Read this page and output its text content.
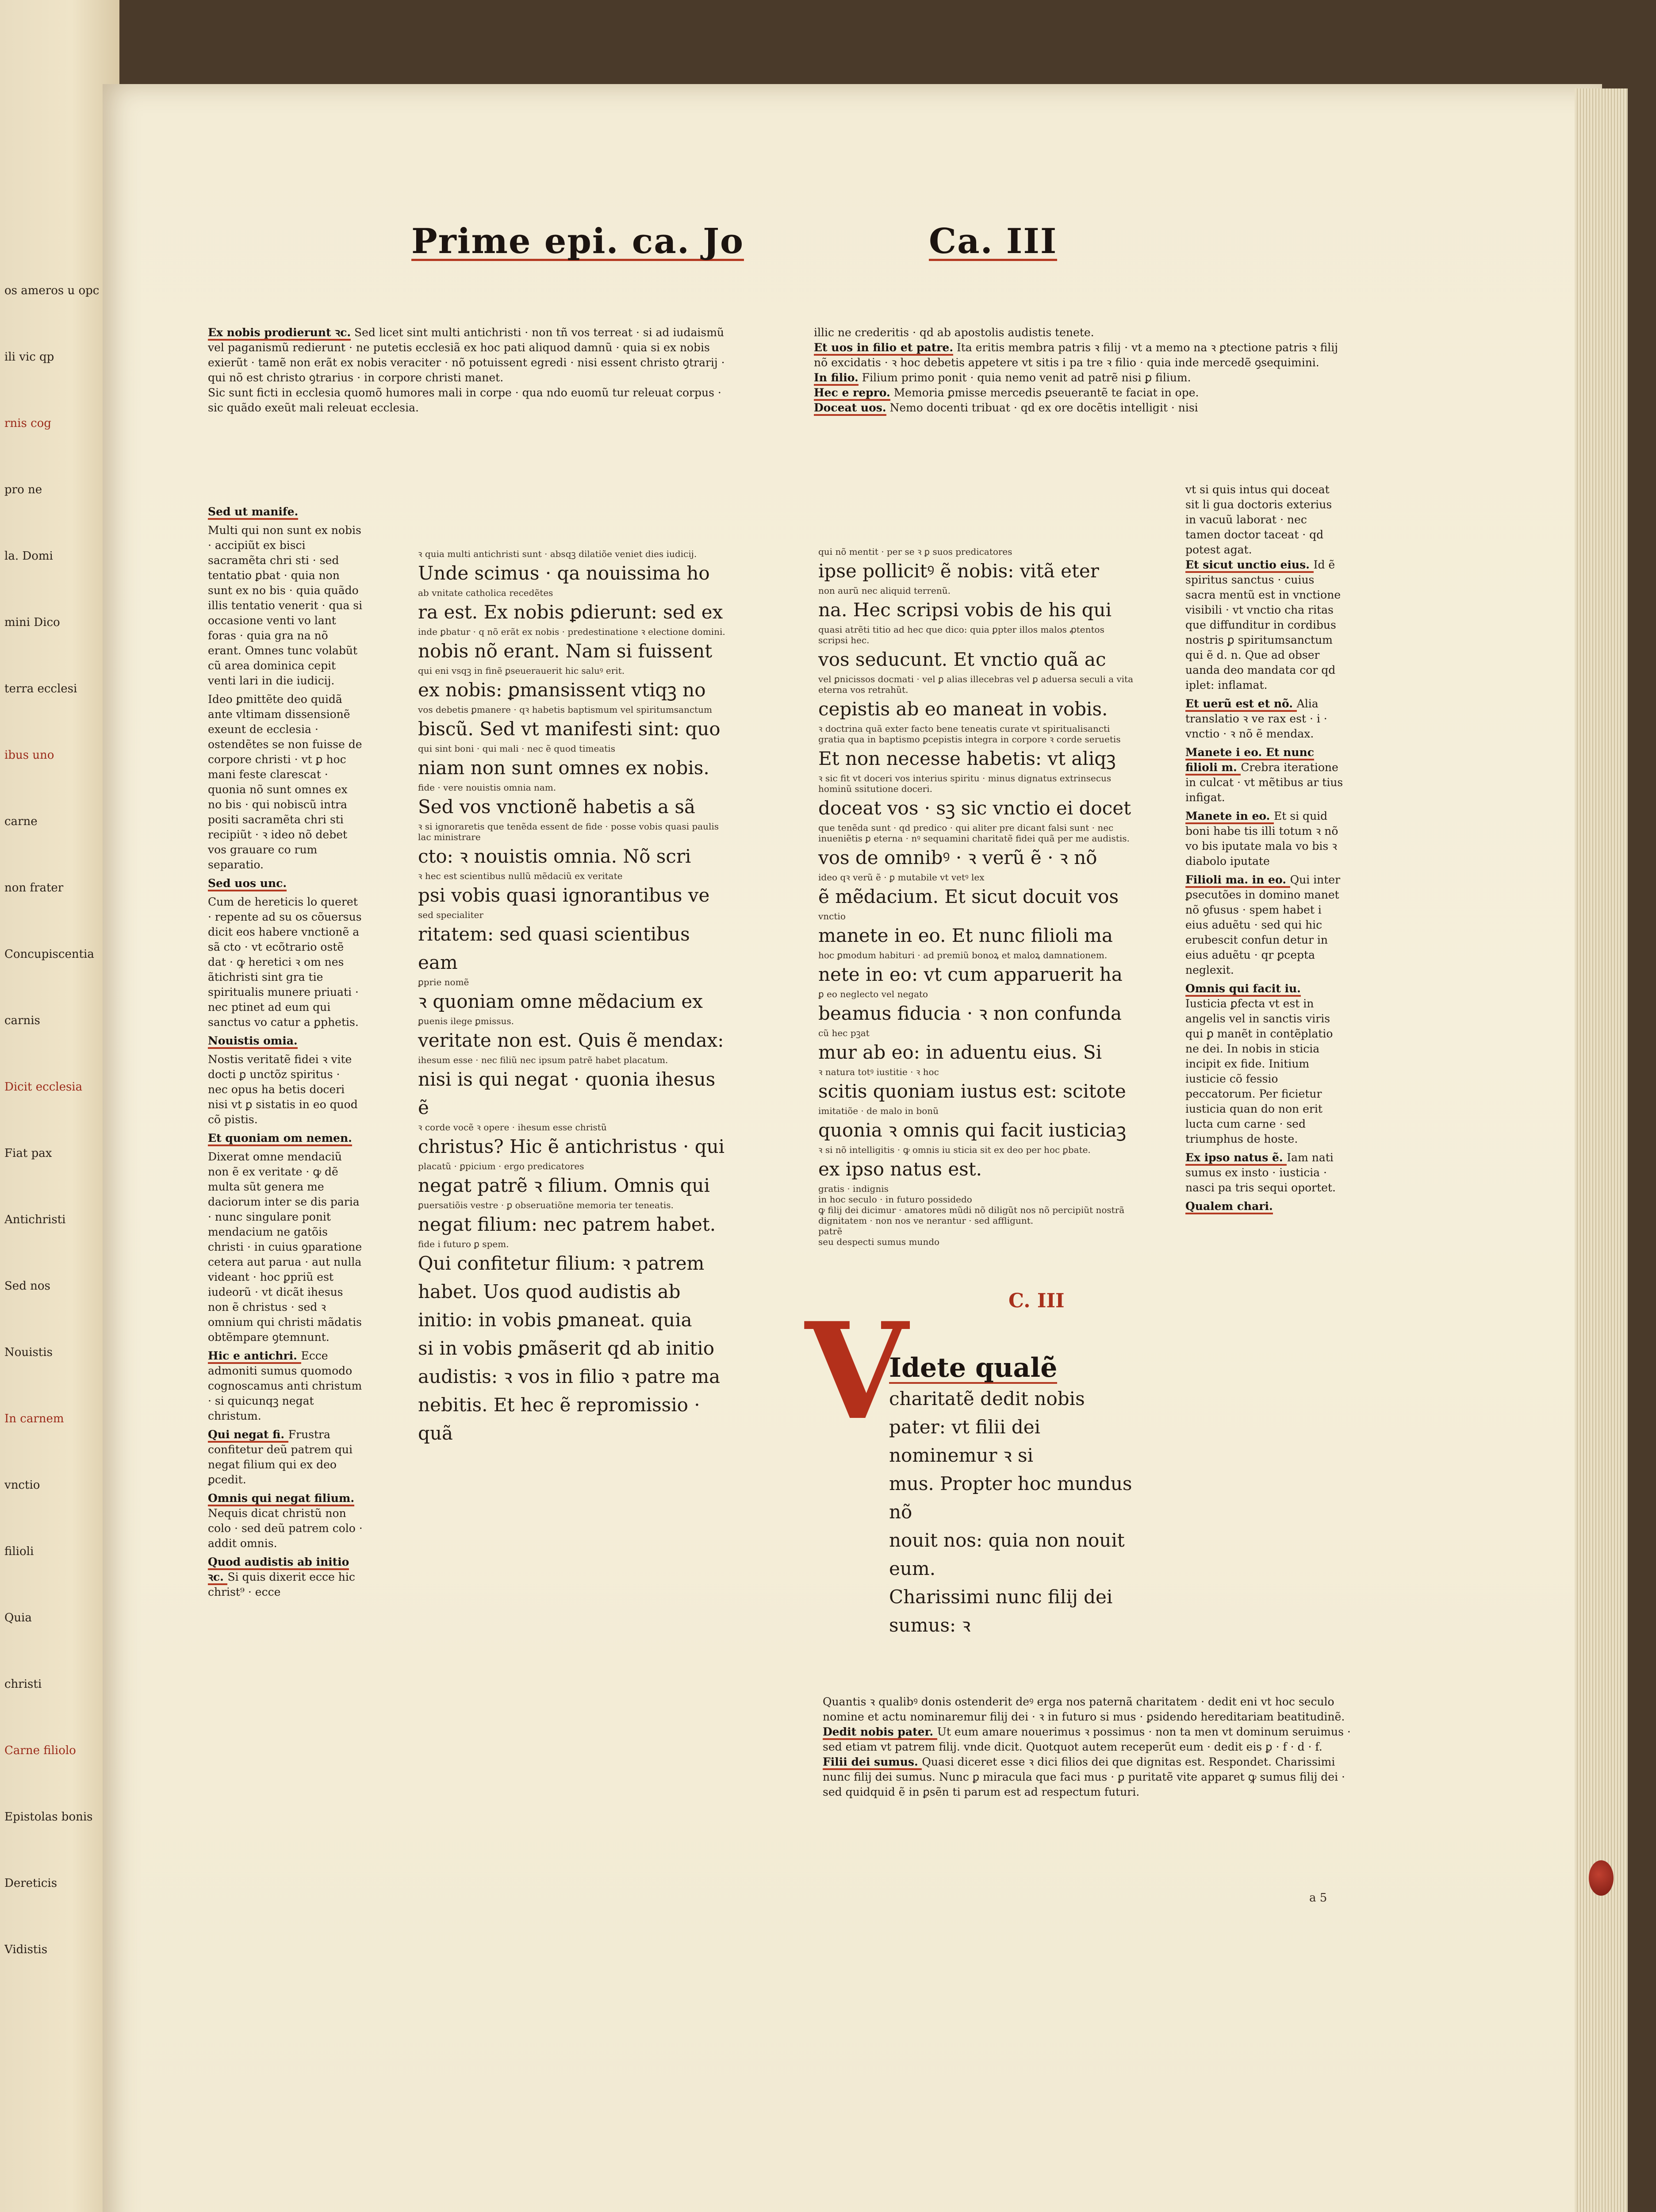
os ameros u opc
ili vic qp
rnis cog
pro ne
la. Domi
mini Dico
terra ecclesi
ibus uno
carne
non frater
Concupiscentia
carnis
Dicit ecclesia
Fiat pax
Antichristi
Sed nos
Nouistis
In carnem
vnctio
filioli
Quia
christi
Carne filiolo
Epistolas bonis
Dereticis
Vidistis
Prime epi. ca. Jo	Ca. III

Ex nobis prodierunt ꝛc. Sed licet sint multi antichristi · non tñ vos terreat · si ad iudaismũ vel paganismũ redierunt · ne putetis ecclesiã ex hoc pati aliquod damnũ · quia si ex nobis exierũt · tamẽ non erãt ex nobis veraciter · nõ potuissent egredi · nisi essent christo ꝯtrarij · qui nõ est christo ꝯtrarius · in corpore christi manet.

Sic sunt ficti in ecclesia quomõ humores mali in corpe · qua ndo euomũ tur releuat corpus · sic quãdo exeũt mali releuat ecclesia.

illic ne crederitis · qd ab apostolis audistis tenete.

Et uos in filio et patre. Ita eritis membra patris ꝛ filij · vt a memo na ꝛ ꝑtectione patris ꝛ filij nõ excidatis · ꝛ hoc debetis appetere vt sitis i pa tre ꝛ filio · quia inde mercedẽ ꝯsequimini.

In filio. Filium primo ponit · quia nemo venit ad patrẽ nisi ꝑ filium.

Hec e repro. Memoria ꝑmisse mercedis ꝑseuerantẽ te faciat in ope.

Doceat uos. Nemo docenti tribuat · qd ex ore docẽtis intelligit · nisi

Sed ut manife.

Multi qui non sunt ex nobis · accipiũt ex bisci sacramẽta chri sti · sed tentatio ꝑbat · quia non sunt ex no bis · quia quãdo illis tentatio venerit · qua si occasione venti vo lant foras · quia gra na nõ erant. Omnes tunc volabũt cũ area dominica cepit venti lari in die iudicij.

Ideo ꝑmittẽte deo quidã ante vltimam dissensionẽ exeunt de ecclesia · ostendẽtes se non fuisse de corpore christi · vt ꝑ hoc mani feste clarescat · quonia nõ sunt omnes ex no bis · qui nobiscũ intra positi sacramẽta chri sti recipiũt · ꝛ ideo nõ debet vos grauare co rum separatio.

Sed uos unc.

Cum de hereticis lo queret · repente ad su os cõuersus dicit eos habere vnctionẽ a sã cto · vt ecõtrario ostẽ dat · ꝙ heretici ꝛ om nes ãtichristi sint gra tie spiritualis munere priuati · nec ptinet ad eum qui sanctus vo catur a ꝑphetis.

Nouistis omia.

Nostis veritatẽ fidei ꝛ vite docti ꝑ unctõz spiritus · nec opus ha betis doceri nisi vt ꝑ sistatis in eo quod cõ pistis.

Et quoniam om nemen.

Dixerat omne mendaciũ non ẽ ex veritate · ꝙ dẽ multa sũt genera me daciorum inter se dis paria · nunc singulare ponit mendacium ne gatõis christi · in cuius ꝯparatione cetera aut parua · aut nulla videant · hoc ꝑpriũ est iudeorũ · vt dicãt ihesus non ẽ christus · sed ꝛ omnium qui christi mãdatis obtẽmpare ꝯtemnunt.

Hic e antichri. Ecce admoniti sumus quomodo cognoscamus anti christum · si quicunqꝫ negat christum.

Qui negat fi. Frustra confitetur deũ patrem qui negat filium qui ex deo ꝑcedit.

Omnis qui negat filium. Nequis dicat christũ non colo · sed deũ patrem colo · addit omnis.

Quod audistis ab initio ꝛc. Si quis dixerit ecce hic christ⁹ · ecce

ꝛ quia multi antichristi sunt · absqꝫ dilatiõe veniet dies iudicij.
Unde scimus · qa nouissima ho
ab vnitate catholica recedẽtes
ra est. Ex nobis ꝑdierunt: sed ex
inde ꝑbatur · q nõ erãt ex nobis · predestinatione ꝛ electione domini.
nobis nõ erant. Nam si fuissent
qui eni vsqꝫ in finẽ ꝑseuerauerit hic saluꝰ erit.
ex nobis: ꝑmansissent vtiqꝫ no
vos debetis ꝑmanere · qꝛ habetis baptismum vel spiritumsanctum
biscũ. Sed vt manifesti sint: quo
qui sint boni · qui mali · nec ẽ quod timeatis
niam non sunt omnes ex nobis.
fide · vere nouistis omnia nam.
Sed vos vnctionẽ habetis a sã
ꝛ si ignoraretis que tenẽda essent de fide · posse vobis quasi paulis lac ministrare
cto: ꝛ nouistis omnia. Nõ scri
ꝛ hec est scientibus nullũ mẽdaciũ ex veritate
psi vobis quasi ignorantibus ve
sed specialiter
ritatem: sed quasi scientibus eam
ꝑprie nomẽ
ꝛ quoniam omne mẽdacium ex
ꝑuenis ilege ꝑmissus.
veritate non est. Quis ẽ mendax:
ihesum esse · nec filiũ nec ipsum patrẽ habet placatum.
nisi is qui negat · quonia ihesus ẽ
ꝛ corde vocẽ ꝛ opere · ihesum esse christũ
christus? Hic ẽ antichristus · qui
placatũ · ꝑpicium · ergo predicatores
negat patrẽ ꝛ filium. Omnis qui
ꝑuersatiõis vestre · ꝑ obseruatiõne memoria ter teneatis.
negat filium: nec patrem habet.
fide i futuro ꝑ spem.
Qui confitetur filium: ꝛ patrem
habet. Uos quod audistis ab
initio: in vobis ꝑmaneat. quia
si in vobis ꝑmãserit qd ab initio
audistis: ꝛ vos in filio ꝛ patre ma
nebitis. Et hec ẽ repromissio · quã
qui nõ mentit · per se ꝛ ꝑ suos predicatores
ipse pollicitꝰ ẽ nobis: vitã eter
non aurũ nec aliquid terrenũ.
na. Hec scripsi vobis de his qui
quasi atrẽti titio ad hec que dico: quia ꝑpter illos malos ꝓtentos scripsi hec.
vos seducunt. Et vnctio quã ac
vel ꝑnicissos docmati · vel ꝑ alias illecebras vel ꝑ aduersa seculi a vita eterna vos retrahũt.
cepistis ab eo maneat in vobis.
ꝛ doctrina quã exter facto bene teneatis curate vt spiritualisancti gratia qua in baptismo ꝑcepistis integra in corpore ꝛ corde seruetis
Et non necesse habetis: vt aliqꝫ
ꝛ sic fit vt doceri vos interius spiritu · minus dignatus extrinsecus hominũ ssitutione doceri.
doceat vos · sꝫ sic vnctio ei docet
que tenẽda sunt · qd predico · qui aliter pre dicant falsi sunt · nec inueniẽtis ꝑ eterna · nꝰ sequamini charitatẽ fidei quã per me audistis.
vos de omnibꝰ · ꝛ verũ ẽ · ꝛ nõ
ideo qꝛ verũ ẽ · ꝑ mutabile vt vetꝰ lex
ẽ mẽdacium. Et sicut docuit vos
vnctio
manete in eo. Et nunc filioli ma
hoc ꝑmodum habituri · ad premiũ bonoꝝ et maloꝝ damnationem.
nete in eo: vt cum apparuerit ha
ꝑ eo neglecto vel negato
beamus fiducia · ꝛ non confunda
cũ hec pꝫat
mur ab eo: in aduentu eius. Si
ꝛ natura totꝰ iustitie · ꝛ hoc
scitis quoniam iustus est: scitote
imitatiõe · de malo in bonũ
quonia ꝛ omnis qui facit iusticiaꝫ
ꝛ si nõ intelligitis · ꝙ omnis iu sticia sit ex deo per hoc ꝑbate.
ex ipso natus est.
gratis · indignis
in hoc seculo · in futuro possidedo
ꝙ filij dei dicimur · amatores mũdi nõ diligũt nos nõ percipiũt nostrã dignitatem · non nos ve nerantur · sed affligunt.
patrẽ
seu despecti sumus mundo

vt si quis intus qui doceat sit li gua doctoris exterius in vacuũ laborat · nec tamen doctor taceat · qd potest agat.

Et sicut unctio eius. Id ẽ spiritus sanctus · cuius sacra mentũ est in vnctione visibili · vt vnctio cha ritas que diffunditur in cordibus nostris ꝑ spiritumsanctum qui ẽ d. n. Que ad obser uanda deo mandata cor qd iplet: inflamat.

Et uerũ est et nõ. Alia translatio ꝛ ve rax est · i · vnctio · ꝛ nõ ẽ mendax.

Manete i eo. Et nunc filioli m. Crebra iteratione in culcat · vt mẽtibus ar tius infigat.

Manete in eo. Et si quid boni habe tis illi totum ꝛ nõ vo bis iputate mala vo bis ꝛ diabolo iputate

Filioli ma. in eo. Qui inter ꝑsecutões in domino manet nõ ꝯfusus · spem habet i eius aduẽtu · sed qui hic erubescit confun detur in eius aduẽtu · qr ꝑcepta neglexit.

Omnis qui facit iu. Iusticia ꝑfecta vt est in angelis vel in sanctis viris qui ꝑ manẽt in contẽplatio ne dei. In nobis in sticia incipit ex fide. Initium iusticie cõ fessio peccatorum. Per ficietur iusticia quan do non erit lucta cum carne · sed triumphus de hoste.

Ex ipso natus ẽ. Iam nati sumus ex insto · iusticia · nasci pa tris sequi oportet.

Qualem chari.

C. III
V
Idete qualẽ
charitatẽ dedit nobis
pater: vt filii dei nominemur ꝛ si
mus. Propter hoc mundus nõ
nouit nos: quia non nouit eum.
Charissimi nunc filij dei sumus: ꝛ

Quantis ꝛ qualibꝰ donis ostenderit deꝰ erga nos paternã charitatem · dedit eni vt hoc seculo nomine et actu nominaremur filij dei · ꝛ in futuro si mus · ꝑsidendo hereditariam beatitudinẽ.

Dedit nobis pater. Ut eum amare nouerimus ꝛ possimus · non ta men vt dominum seruimus · sed etiam vt patrem filij. vnde dicit. Quotquot autem receperũt eum · dedit eis ꝑ · f · d · f.

Filii dei sumus. Quasi diceret esse ꝛ dici filios dei que dignitas est. Respondet. Charissimi nunc filij dei sumus. Nunc ꝑ miracula que faci mus · ꝑ puritatẽ vite apparet ꝙ sumus filij dei · sed quidquid ẽ in ꝑsẽn ti parum est ad respectum futuri.

a 5
